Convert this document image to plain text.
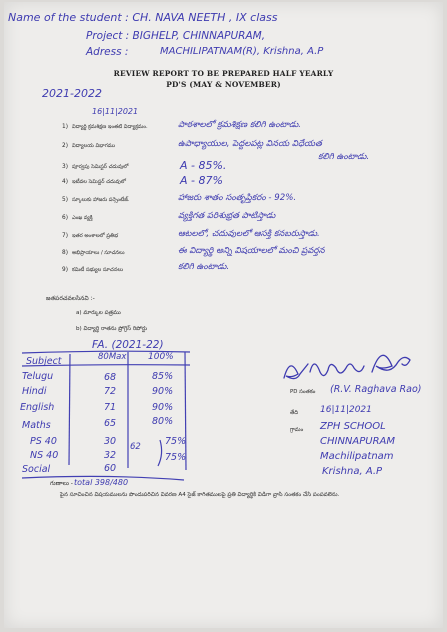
Name of the student : CH. NAVA NEETH , IX class
Project : BIGHELP, CHINNAPURAM,
Adress :	MACHILIPATNAM(R), Krishna, A.P
REVIEW REPORT TO BE PREPARED HALF YEARLY
PD'S (MAY & NOVEMBER)
2021-2022
16|11|2021
1) విద్యార్థి క్రమశిక్షణ ఇంతటి విద్యాక్రమం.	పాఠశాలలో క్రమశిక్షణ కలిగి ఉంటాడు.
2) విద్యాలయ విభాగము	ఉపాధ్యాయుల, పెద్దలపట్ల వినయ విధేయత
కలిగి ఉంటాడు.
3) పూర్వపు సెమిస్టర్ చదువులో	A - 85%.
4) ఇటీవల సెమిస్టర్ చదువులో	A - 87%
5) స్కూలుకు హాజరు పర్సెంటేజ్.	హాజరు శాతం సంతృప్తికరం - 92%.
6) ఎం‌ఖ వ్యక్తి	వ్యక్తిగత పరిశుభ్రత పాటిస్తాడు
7) ఇతర అంశాలలో ప్రతిభ	ఆటలలో, చదువులలో ఆసక్తి కనబరుస్తాడు.
8) అభిప్రాయాలు / సూచనలు	ఈ విద్యార్థి అన్ని విషయాలలో మంచి ప్రవర్తన
9) కమిటీ సభ్యుల సూచనలు	కలిగి ఉంటాడు.
జతపరచవలసినవి :-
a) మార్కుల పత్రము
b) విద్యార్థి రాతను ప్రోగ్రెస్ రిపోర్టు
FA. (2021-22)
Subject	80Max 100%
Telugu	68	85%
Hindi	72	90%
English	71	90%
Maths	65	80%
PS 40	30	75%
NS 40	32	75%
Social	60
62
గుణాలు - total 398/480
PD సంతకం (R.V. Raghava Rao)
తేది 16|11|2021
గ్రామం ZPH SCHOOL
CHINNAPURAM
Machilipatnam
Krishna, A.P
పైన సూచించిన విషయములను పొందుపరిచిన వివరణ A4 సైజ్ కాగితములపై ప్రతి విద్యార్థికి విడిగా వ్రాసి సంతకం చేసి పంపవలెను.
